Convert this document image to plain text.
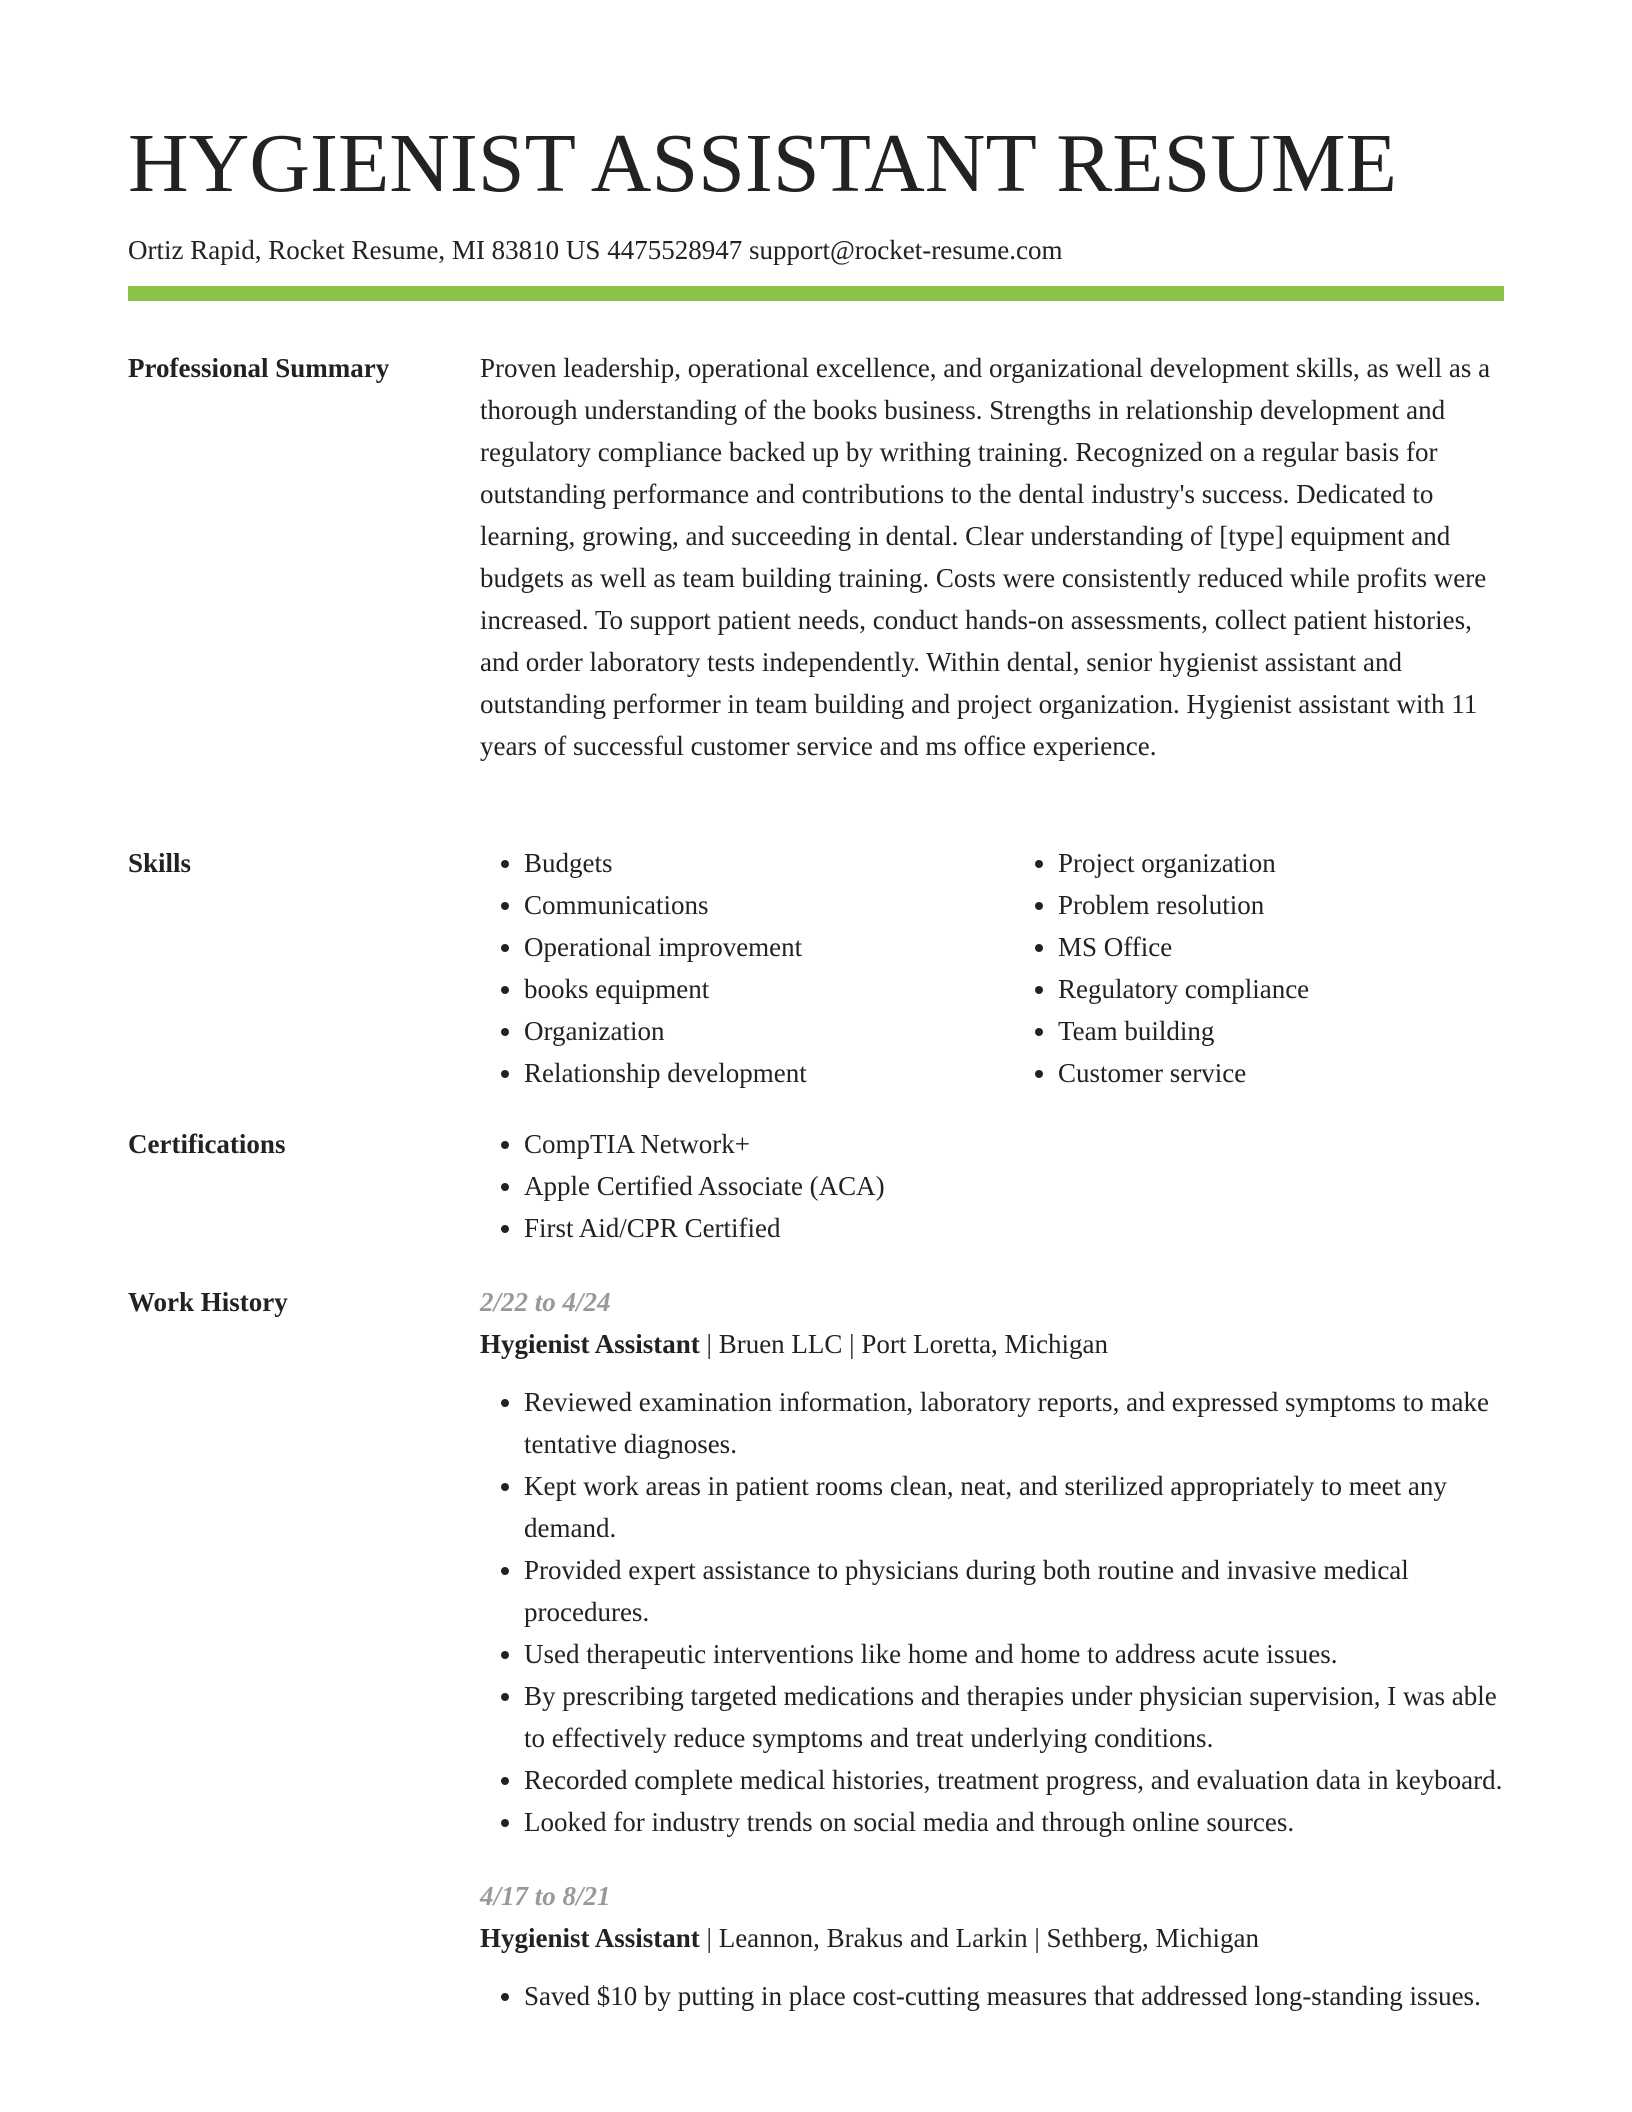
HYGIENIST ASSISTANT RESUME
Ortiz Rapid, Rocket Resume, MI 83810 US 4475528947 support@rocket-resume.com
Professional Summary	Proven leadership, operational excellence, and organizational development skills, as well as a thorough understanding of the books business. Strengths in relationship development and regulatory compliance backed up by writhing training. Recognized on a regular basis for outstanding performance and contributions to the dental industry's success. Dedicated to learning, growing, and succeeding in dental. Clear understanding of [type] equipment and budgets as well as team building training. Costs were consistently reduced while profits were increased. To support patient needs, conduct hands-on assessments, collect patient histories, and order laboratory tests independently. Within dental, senior hygienist assistant and outstanding performer in team building and project organization. Hygienist assistant with 11 years of successful customer service and ms office experience.
Skills	• Budgets
• Communications
• Operational improvement
• books equipment
• Organization
• Relationship development
• Project organization
• Problem resolution
• MS Office
• Regulatory compliance
• Team building
• Customer service
Certifications	• CompTIA Network+
• Apple Certified Associate (ACA)
• First Aid/CPR Certified
Work History	2/22 to 4/24
Hygienist Assistant | Bruen LLC | Port Loretta, Michigan
• Reviewed examination information, laboratory reports, and expressed symptoms to make tentative diagnoses.
• Kept work areas in patient rooms clean, neat, and sterilized appropriately to meet any demand.
• Provided expert assistance to physicians during both routine and invasive medical procedures.
• Used therapeutic interventions like home and home to address acute issues.
• By prescribing targeted medications and therapies under physician supervision, I was able to effectively reduce symptoms and treat underlying conditions.
• Recorded complete medical histories, treatment progress, and evaluation data in keyboard.
• Looked for industry trends on social media and through online sources.
4/17 to 8/21
Hygienist Assistant | Leannon, Brakus and Larkin | Sethberg, Michigan
• Saved $10 by putting in place cost-cutting measures that addressed long-standing issues.
